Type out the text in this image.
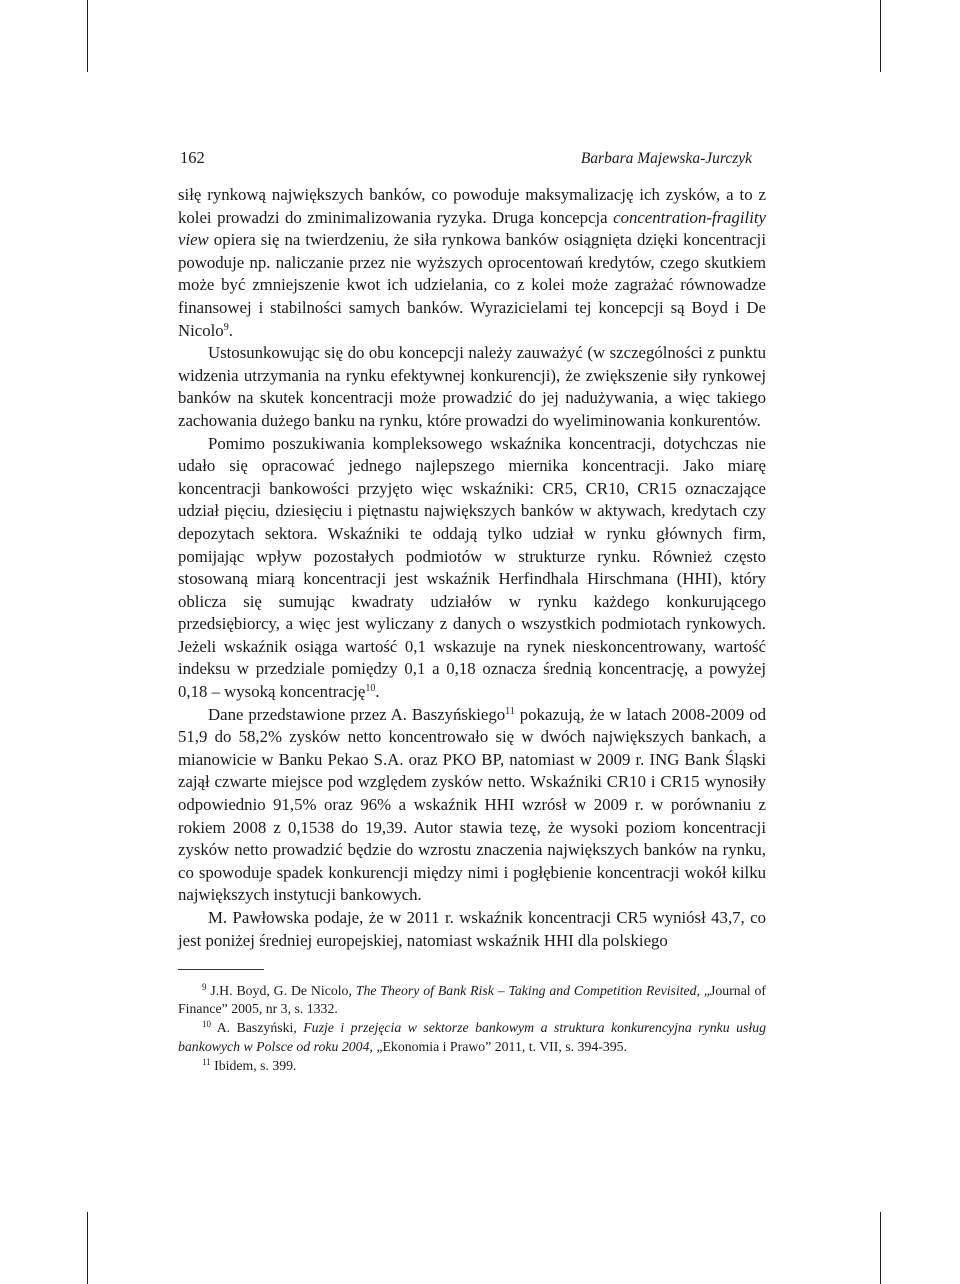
162	Barbara Majewska-Jurczyk

siłę rynkową największych banków, co powoduje maksymalizację ich zysków, a to z kolei prowadzi do zminimalizowania ryzyka. Druga koncepcja concentration-fragility view opiera się na twierdzeniu, że siła rynkowa banków osiągnięta dzięki koncentracji powoduje np. naliczanie przez nie wyższych oprocentowań kredytów, czego skutkiem może być zmniejszenie kwot ich udzielania, co z kolei może zagrażać równowadze finansowej i stabilności samych banków. Wyrazicielami tej koncepcji są Boyd i De Nicolo$^9$.

Ustosunkowując się do obu koncepcji należy zauważyć (w szczególności z punktu widzenia utrzymania na rynku efektywnej konkurencji), że zwiększenie siły rynkowej banków na skutek koncentracji może prowadzić do jej nadużywania, a więc takiego zachowania dużego banku na rynku, które prowadzi do wyeliminowania konkurentów.

Pomimo poszukiwania kompleksowego wskaźnika koncentracji, dotychczas nie udało się opracować jednego najlepszego miernika koncentracji. Jako miarę koncentracji bankowości przyjęto więc wskaźniki: CR5, CR10, CR15 oznaczające udział pięciu, dziesięciu i piętnastu największych banków w aktywach, kredytach czy depozytach sektora. Wskaźniki te oddają tylko udział w rynku głównych firm, pomijając wpływ pozostałych podmiotów w strukturze rynku. Również często stosowaną miarą koncentracji jest wskaźnik Herfindhala Hirschmana (HHI), który oblicza się sumując kwadraty udziałów w rynku każdego konkurującego przedsiębiorcy, a więc jest wyliczany z danych o wszystkich podmiotach rynkowych. Jeżeli wskaźnik osiąga wartość 0,1 wskazuje na rynek nieskoncentrowany, wartość indeksu w przedziale pomiędzy 0,1 a 0,18 oznacza średnią koncentrację, a powyżej 0,18 – wysoką koncentrację$^{10}$.

Dane przedstawione przez A. Baszyńskiego$^{11}$ pokazują, że w latach 2008-2009 od 51,9 do 58,2% zysków netto koncentrowało się w dwóch największych bankach, a mianowicie w Banku Pekao S.A. oraz PKO BP, natomiast w 2009 r. ING Bank Śląski zajął czwarte miejsce pod względem zysków netto. Wskaźniki CR10 i CR15 wynosiły odpowiednio 91,5% oraz 96% a wskaźnik HHI wzrósł w 2009 r. w porównaniu z rokiem 2008 z 0,1538 do 19,39. Autor stawia tezę, że wysoki poziom koncentracji zysków netto prowadzić będzie do wzrostu znaczenia największych banków na rynku, co spowoduje spadek konkurencji między nimi i pogłębienie koncentracji wokół kilku największych instytucji bankowych.

M. Pawłowska podaje, że w 2011 r. wskaźnik koncentracji CR5 wyniósł 43,7, co jest poniżej średniej europejskiej, natomiast wskaźnik HHI dla polskiego

$^9$ J.H. Boyd, G. De Nicolo, The Theory of Bank Risk – Taking and Competition Revisited, „Journal of Finance” 2005, nr 3, s. 1332.

$^{10}$ A. Baszyński, Fuzje i przejęcia w sektorze bankowym a struktura konkurencyjna rynku usług bankowych w Polsce od roku 2004, „Ekonomia i Prawo” 2011, t. VII, s. 394-395.

$^{11}$ Ibidem, s. 399.
